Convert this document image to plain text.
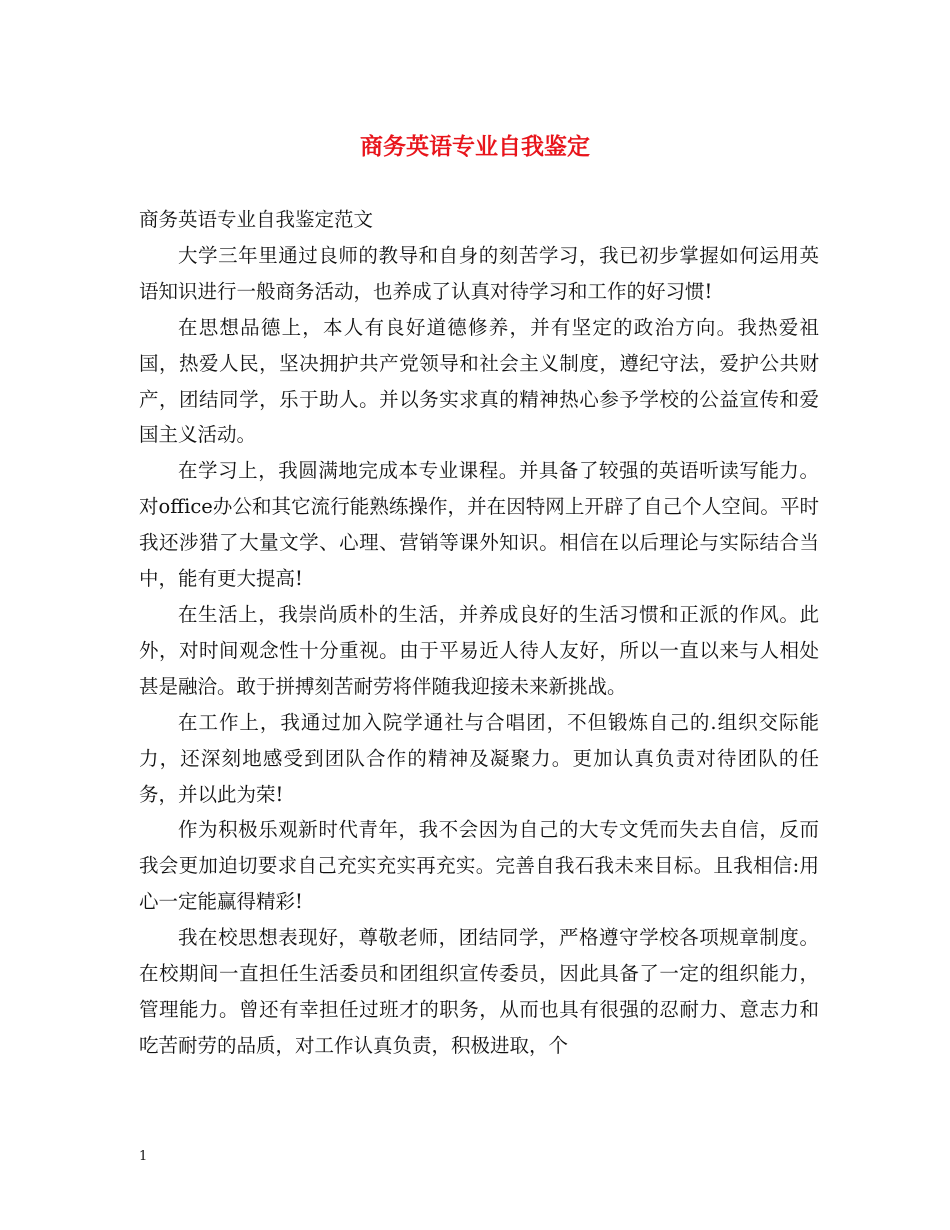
商务英语专业自我鉴定

商务英语专业自我鉴定范文

大学三年里通过良师的教导和自身的刻苦学习，我已初步掌握如何运用英语知识进行一般商务活动，也养成了认真对待学习和工作的好习惯!

在思想品德上，本人有良好道德修养，并有坚定的政治方向。我热爱祖国，热爱人民，坚决拥护共产党领导和社会主义制度，遵纪守法，爱护公共财产，团结同学，乐于助人。并以务实求真的精神热心参予学校的公益宣传和爱国主义活动。

在学习上，我圆满地完成本专业课程。并具备了较强的英语听读写能力。对office办公和其它流行能熟练操作，并在因特网上开辟了自己个人空间。平时我还涉猎了大量文学、心理、营销等课外知识。相信在以后理论与实际结合当中，能有更大提高!

在生活上，我崇尚质朴的生活，并养成良好的生活习惯和正派的作风。此外，对时间观念性十分重视。由于平易近人待人友好，所以一直以来与人相处甚是融洽。敢于拼搏刻苦耐劳将伴随我迎接未来新挑战。

在工作上，我通过加入院学通社与合唱团，不但锻炼自己的.组织交际能力，还深刻地感受到团队合作的精神及凝聚力。更加认真负责对待团队的任务，并以此为荣!

作为积极乐观新时代青年，我不会因为自己的大专文凭而失去自信，反而我会更加迫切要求自己充实充实再充实。完善自我石我未来目标。且我相信:用心一定能赢得精彩!

我在校思想表现好，尊敬老师，团结同学，严格遵守学校各项规章制度。在校期间一直担任生活委员和团组织宣传委员，因此具备了一定的组织能力，管理能力。曾还有幸担任过班才的职务，从而也具有很强的忍耐力、意志力和吃苦耐劳的品质，对工作认真负责，积极进取，个

1
